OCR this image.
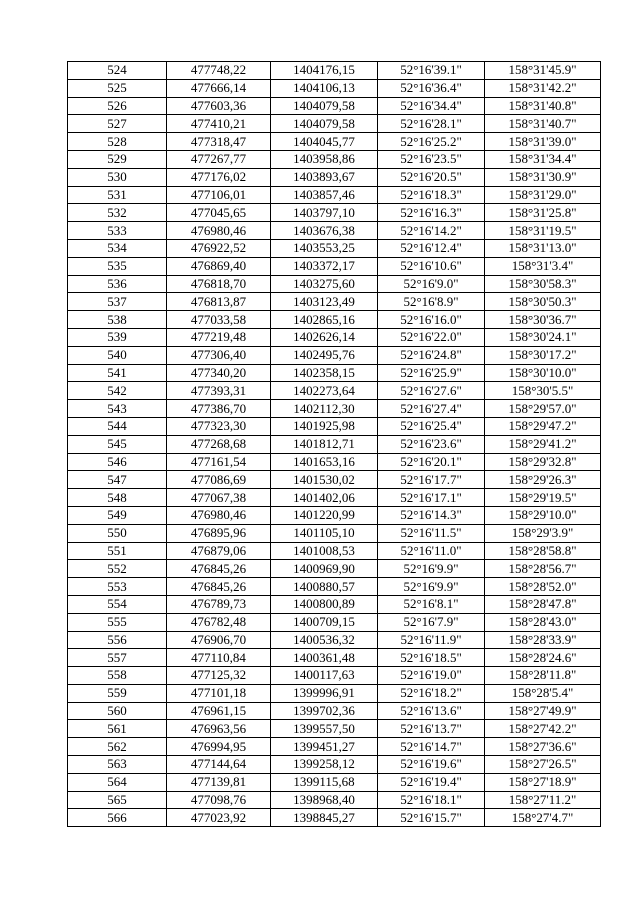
524	477748,22	1404176,15	52°16'39.1"	158°31'45.9"
525	477666,14	1404106,13	52°16'36.4"	158°31'42.2"
526	477603,36	1404079,58	52°16'34.4"	158°31'40.8"
527	477410,21	1404079,58	52°16'28.1"	158°31'40.7"
528	477318,47	1404045,77	52°16'25.2"	158°31'39.0"
529	477267,77	1403958,86	52°16'23.5"	158°31'34.4"
530	477176,02	1403893,67	52°16'20.5"	158°31'30.9"
531	477106,01	1403857,46	52°16'18.3"	158°31'29.0"
532	477045,65	1403797,10	52°16'16.3"	158°31'25.8"
533	476980,46	1403676,38	52°16'14.2"	158°31'19.5"
534	476922,52	1403553,25	52°16'12.4"	158°31'13.0"
535	476869,40	1403372,17	52°16'10.6"	158°31'3.4"
536	476818,70	1403275,60	52°16'9.0"	158°30'58.3"
537	476813,87	1403123,49	52°16'8.9"	158°30'50.3"
538	477033,58	1402865,16	52°16'16.0"	158°30'36.7"
539	477219,48	1402626,14	52°16'22.0"	158°30'24.1"
540	477306,40	1402495,76	52°16'24.8"	158°30'17.2"
541	477340,20	1402358,15	52°16'25.9"	158°30'10.0"
542	477393,31	1402273,64	52°16'27.6"	158°30'5.5"
543	477386,70	1402112,30	52°16'27.4"	158°29'57.0"
544	477323,30	1401925,98	52°16'25.4"	158°29'47.2"
545	477268,68	1401812,71	52°16'23.6"	158°29'41.2"
546	477161,54	1401653,16	52°16'20.1"	158°29'32.8"
547	477086,69	1401530,02	52°16'17.7"	158°29'26.3"
548	477067,38	1401402,06	52°16'17.1"	158°29'19.5"
549	476980,46	1401220,99	52°16'14.3"	158°29'10.0"
550	476895,96	1401105,10	52°16'11.5"	158°29'3.9"
551	476879,06	1401008,53	52°16'11.0"	158°28'58.8"
552	476845,26	1400969,90	52°16'9.9"	158°28'56.7"
553	476845,26	1400880,57	52°16'9.9"	158°28'52.0"
554	476789,73	1400800,89	52°16'8.1"	158°28'47.8"
555	476782,48	1400709,15	52°16'7.9"	158°28'43.0"
556	476906,70	1400536,32	52°16'11.9"	158°28'33.9"
557	477110,84	1400361,48	52°16'18.5"	158°28'24.6"
558	477125,32	1400117,63	52°16'19.0"	158°28'11.8"
559	477101,18	1399996,91	52°16'18.2"	158°28'5.4"
560	476961,15	1399702,36	52°16'13.6"	158°27'49.9"
561	476963,56	1399557,50	52°16'13.7"	158°27'42.2"
562	476994,95	1399451,27	52°16'14.7"	158°27'36.6"
563	477144,64	1399258,12	52°16'19.6"	158°27'26.5"
564	477139,81	1399115,68	52°16'19.4"	158°27'18.9"
565	477098,76	1398968,40	52°16'18.1"	158°27'11.2"
566	477023,92	1398845,27	52°16'15.7"	158°27'4.7"
